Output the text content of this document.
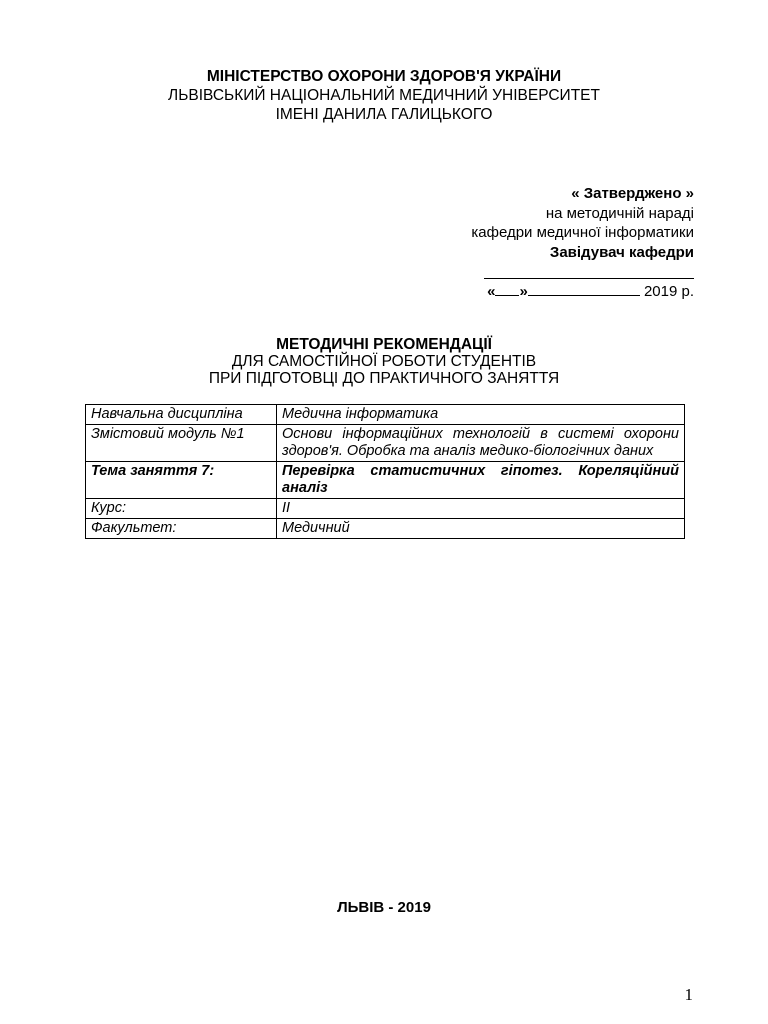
МІНІСТЕРСТВО ОХОРОНИ ЗДОРОВ'Я УКРАЇНИ
ЛЬВІВСЬКИЙ НАЦІОНАЛЬНИЙ МЕДИЧНИЙ УНІВЕРСИТЕТ
ІМЕНІ ДАНИЛА ГАЛИЦЬКОГО
« Затверджено »
на методичній нараді
кафедри медичної інформатики
Завідувач кафедри
« »	2019 р.
МЕТОДИЧНІ РЕКОМЕНДАЦІЇ
ДЛЯ САМОСТІЙНОЇ РОБОТИ СТУДЕНТІВ
ПРИ ПІДГОТОВЦІ ДО ПРАКТИЧНОГО ЗАНЯТТЯ
Навчальна дисципліна	Медична інформатика
Змістовий модуль №1	Основи інформаційних технологій в системі охорони здоров'я. Обробка та аналіз медико-біологічних даних
Тема заняття 7:	Перевірка статистичних гіпотез. Кореляційний аналіз
Курс:	ІІ
Факультет:	Медичний
ЛЬВІВ - 2019
1
